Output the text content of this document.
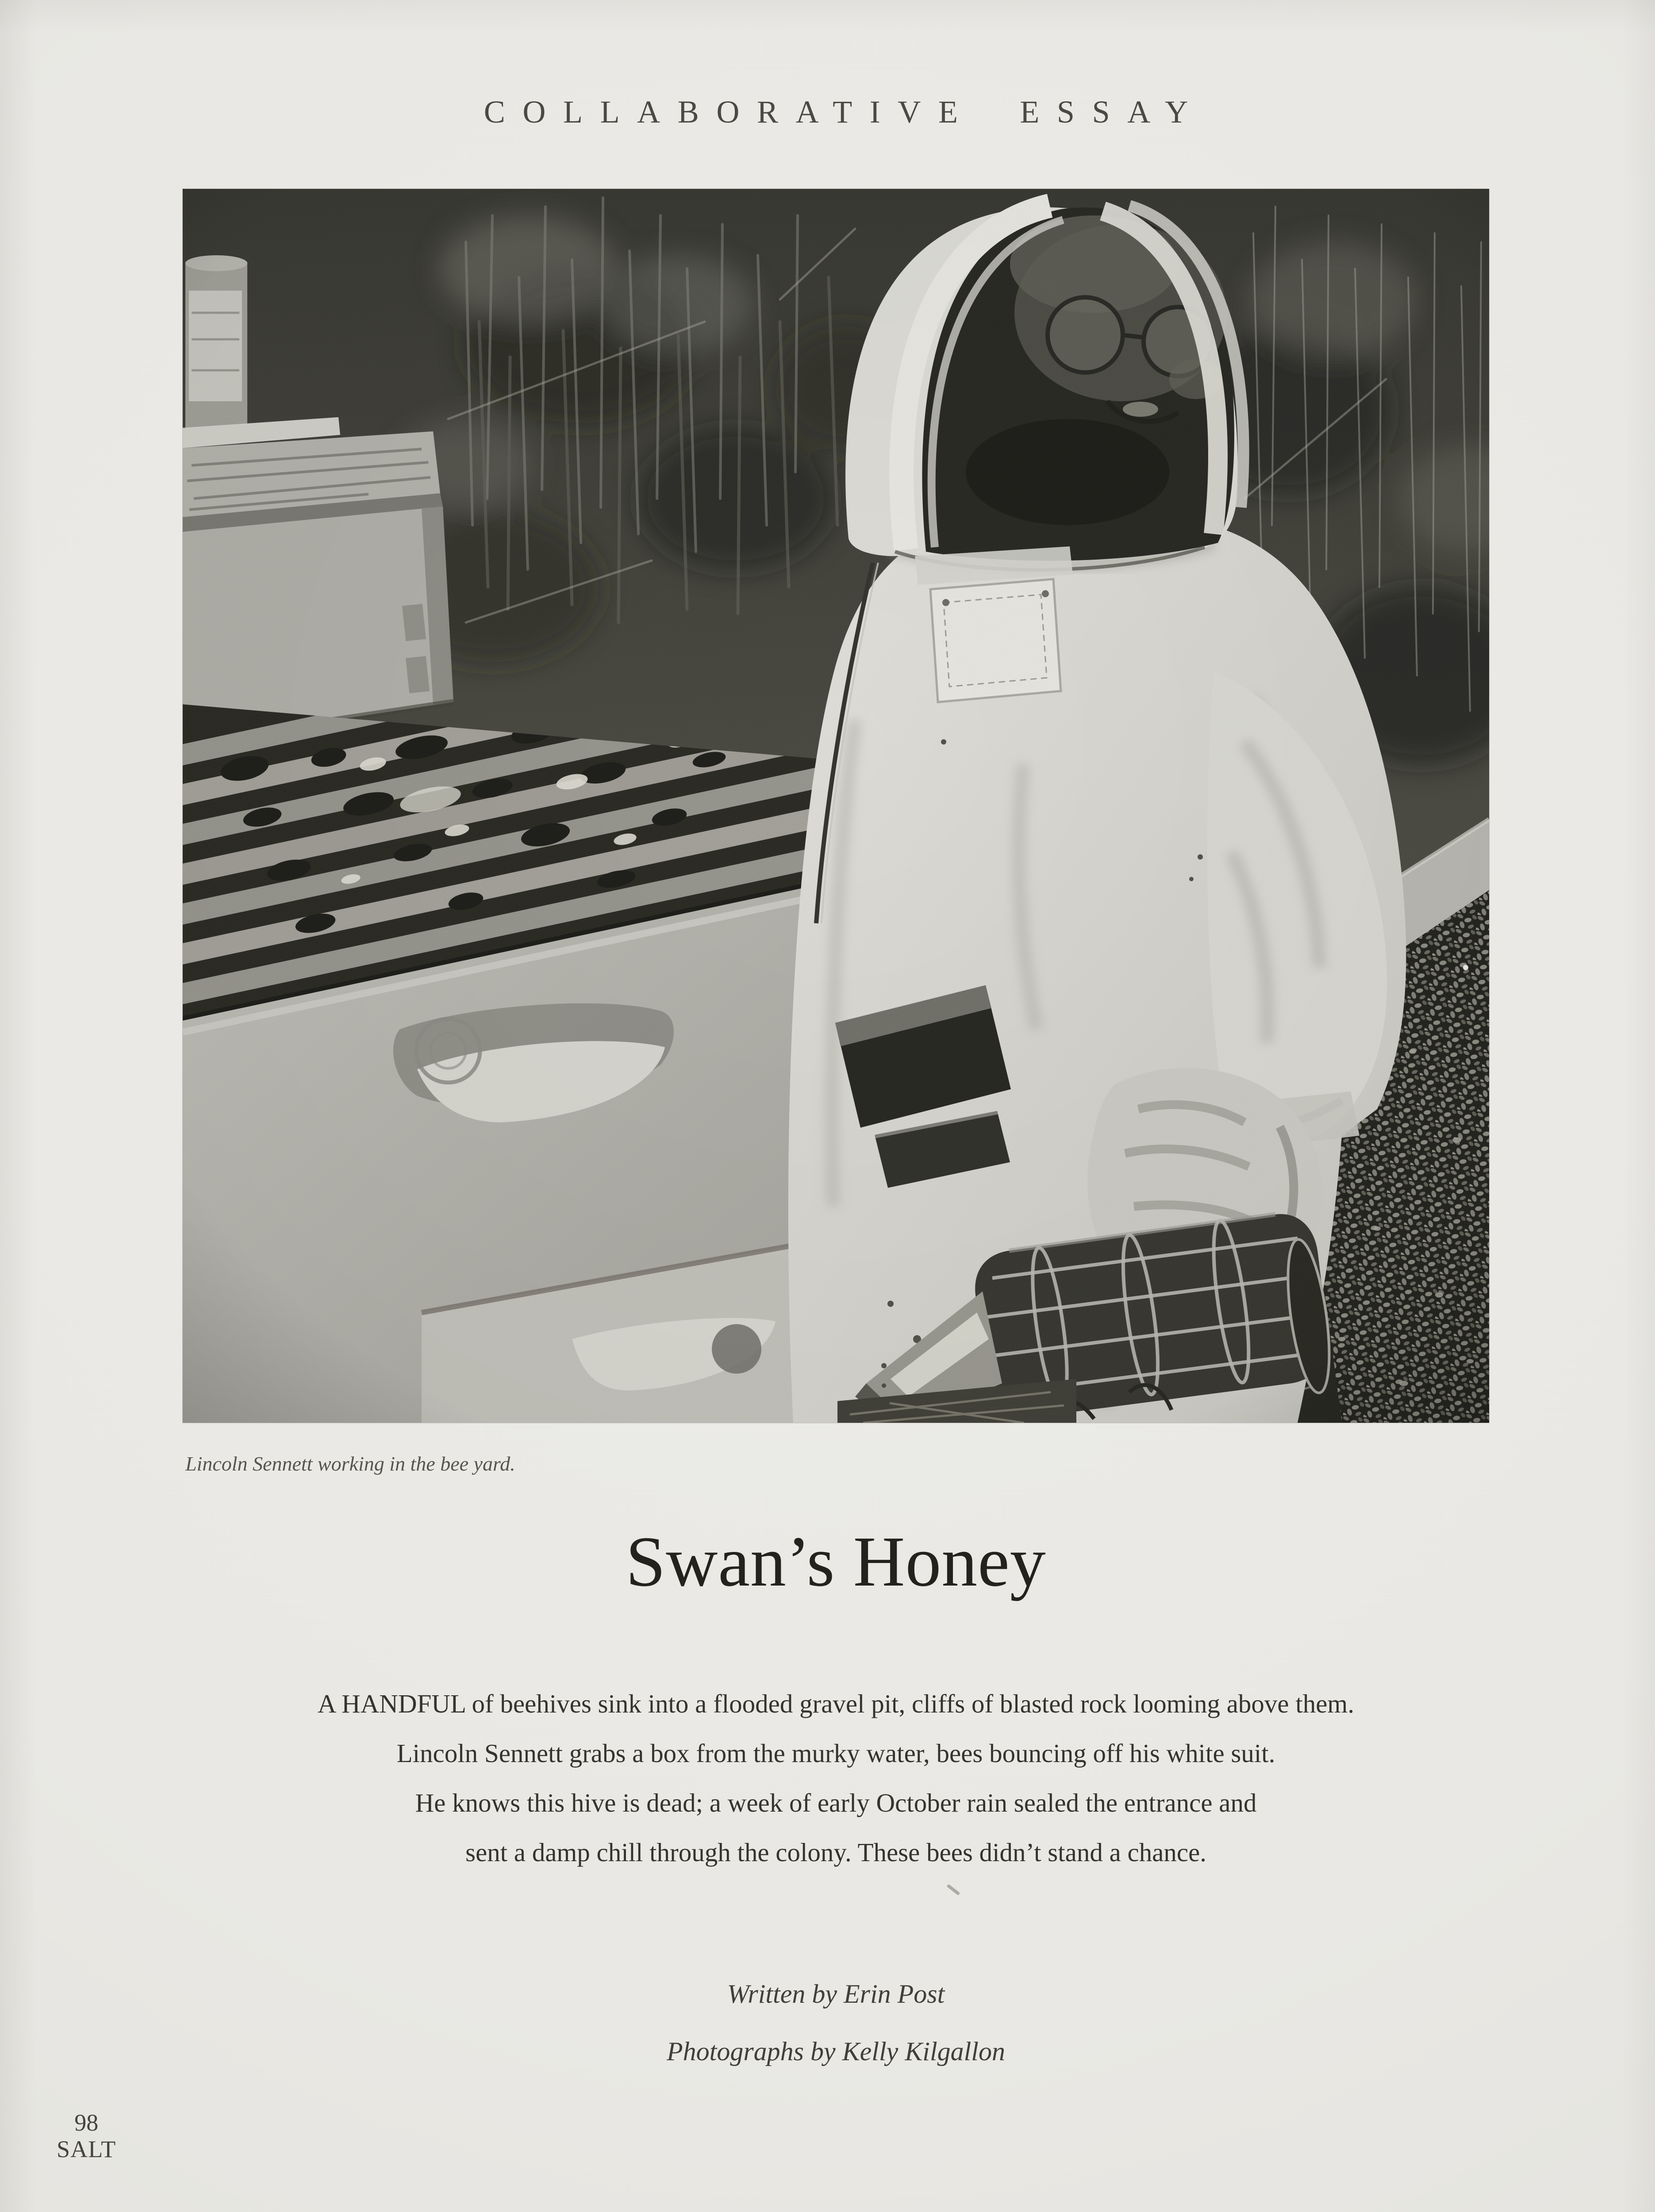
COLLABORATIVE ESSAY
Lincoln Sennett working in the bee yard.
Swan’s Honey
A HANDFUL of beehives sink into a flooded gravel pit, cliffs of blasted rock looming above them.
Lincoln Sennett grabs a box from the murky water, bees bouncing off his white suit.
He knows this hive is dead; a week of early October rain sealed the entrance and
sent a damp chill through the colony. These bees didn’t stand a chance.
Written by Erin Post
Photographs by Kelly Kilgallon
98
SALT
